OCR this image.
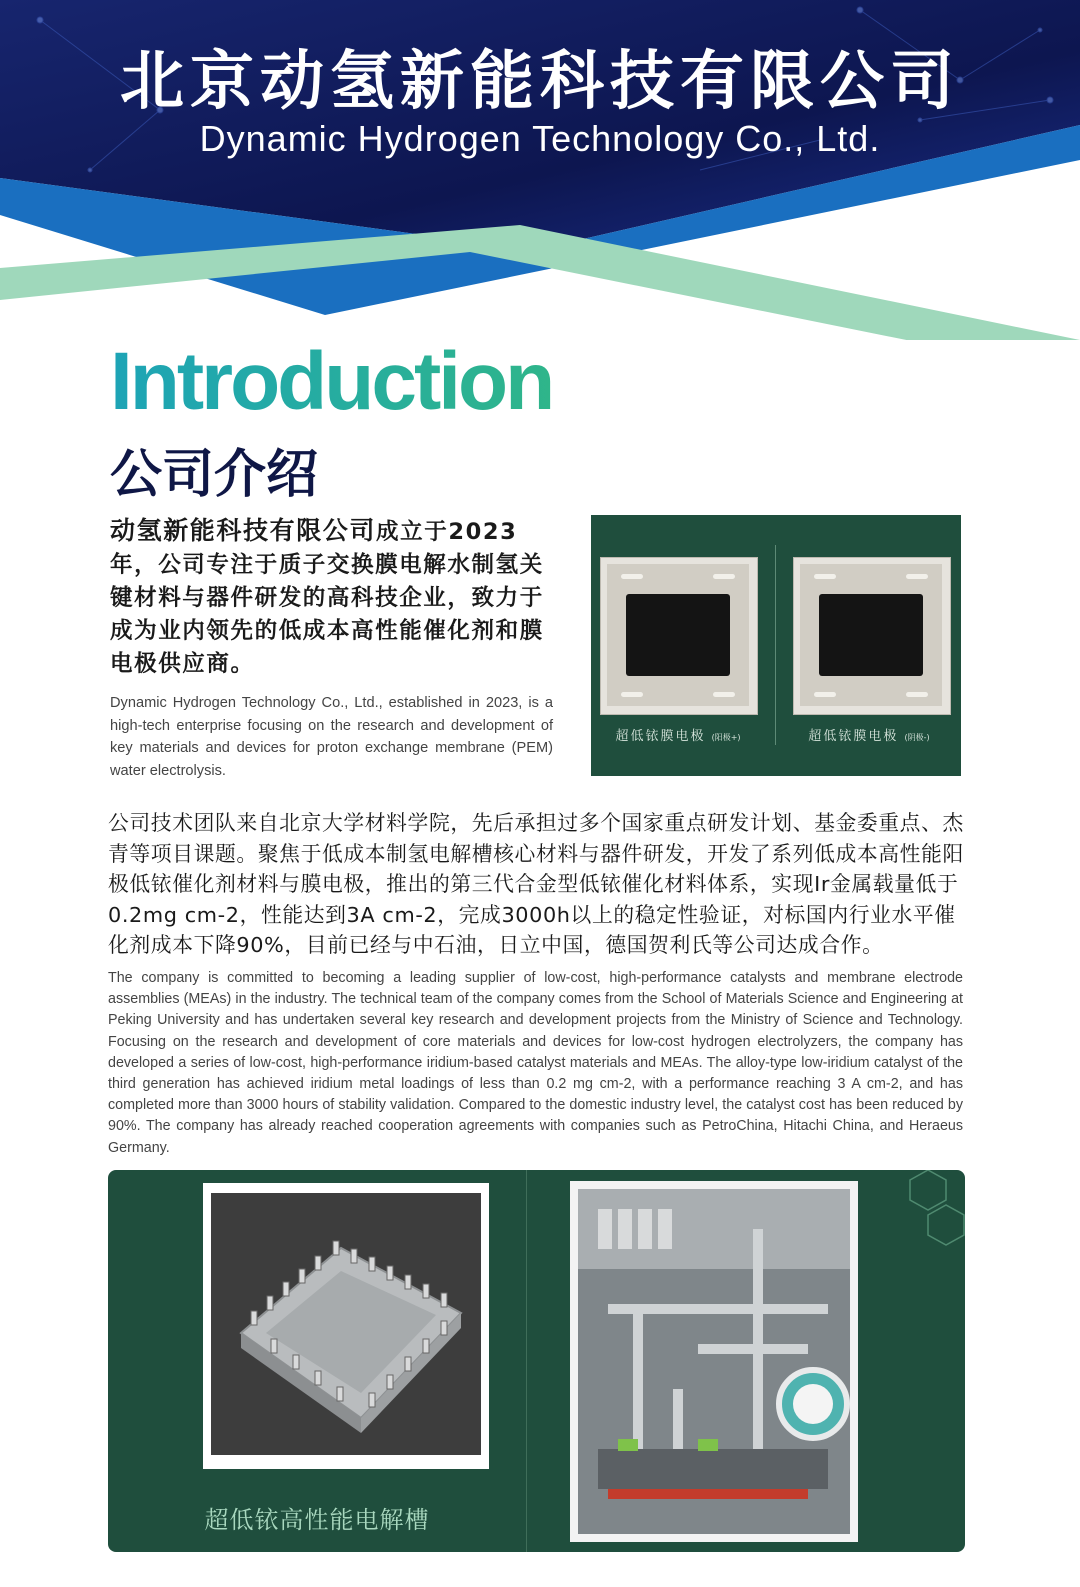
北京动氢新能科技有限公司
Dynamic Hydrogen Technology Co., Ltd.
Introduction
公司介绍
动氢新能科技有限公司成立于2023年，公司专注于质子交换膜电解水制氢关键材料与器件研发的高科技企业，致力于成为业内领先的低成本高性能催化剂和膜电极供应商。
Dynamic Hydrogen Technology Co., Ltd., established in 2023, is a high-tech enterprise focusing on the research and development of key materials and devices for proton exchange membrane (PEM) water electrolysis.
超低铱膜电极 (阳极+)	超低铱膜电极 (阴极-)
公司技术团队来自北京大学材料学院，先后承担过多个国家重点研发计划、基金委重点、杰青等项目课题。聚焦于低成本制氢电解槽核心材料与器件研发，开发了系列低成本高性能阳极低铱催化剂材料与膜电极，推出的第三代合金型低铱催化材料体系，实现Ir金属载量低于0.2mg cm-2，性能达到3A cm-2，完成3000h以上的稳定性验证，对标国内行业水平催化剂成本下降90%，目前已经与中石油，日立中国，德国贺利氏等公司达成合作。
The company is committed to becoming a leading supplier of low-cost, high-performance catalysts and membrane electrode assemblies (MEAs) in the industry. The technical team of the company comes from the School of Materials Science and Engineering at Peking University and has undertaken several key research and development projects from the Ministry of Science and Technology. Focusing on the research and development of core materials and devices for low-cost hydrogen electrolyzers, the company has developed a series of low-cost, high-performance iridium-based catalyst materials and MEAs. The alloy-type low-iridium catalyst of the third generation has achieved iridium metal loadings of less than 0.2 mg cm-2, with a performance reaching 3 A cm-2, and has completed more than 3000 hours of stability validation. Compared to the domestic industry level, the catalyst cost has been reduced by 90%. The company has already reached cooperation agreements with companies such as PetroChina, Hitachi China, and Heraeus Germany.
超低铱高性能电解槽
